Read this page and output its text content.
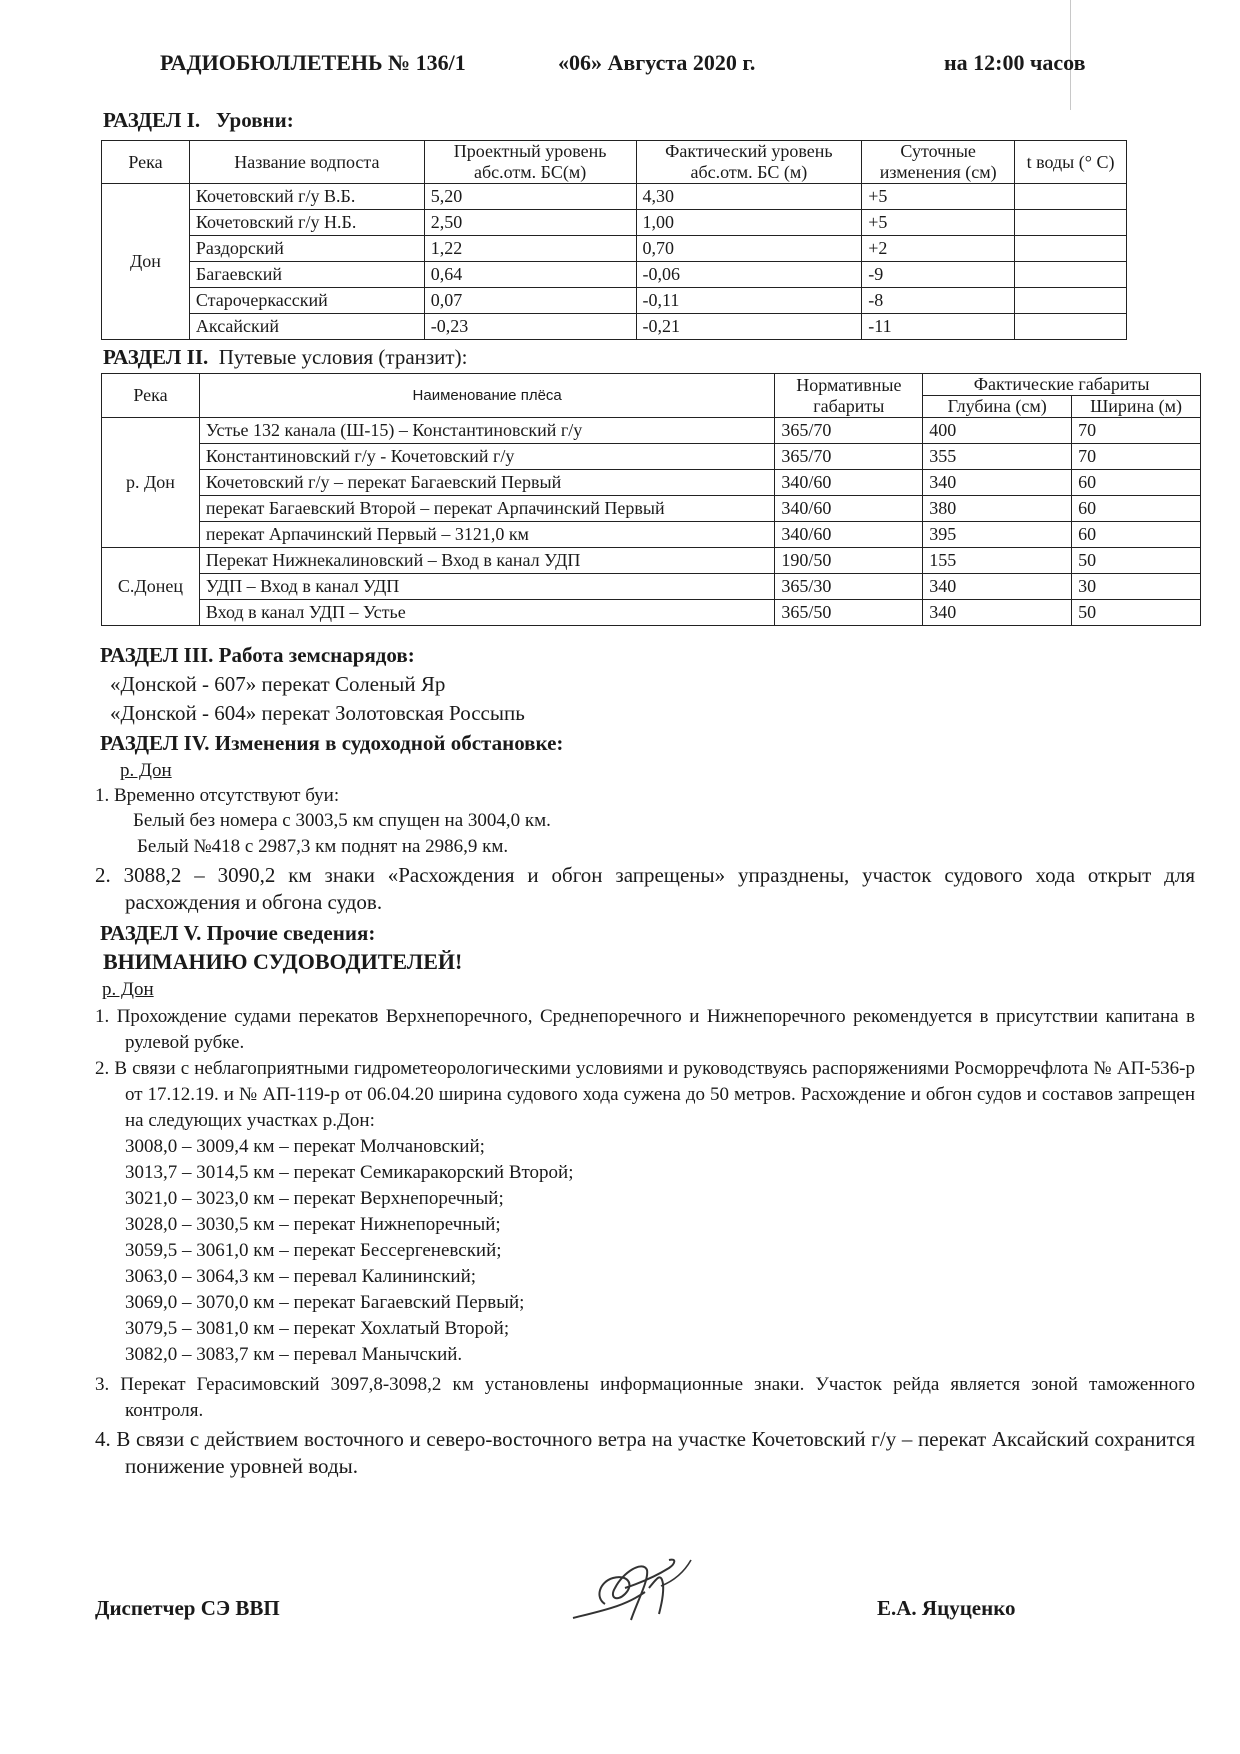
РАДИОБЮЛЛЕТЕНЬ № 136/1	«06» Августа 2020 г.	на 12:00 часов
РАЗДЕЛ I. Уровни:
Река	Название водпоста	Проектный уровень абс.отм. БС(м)	Фактический уровень абс.отм. БС (м)	Суточные изменения (см)	t воды (° С)
Дон	Кочетовский г/у В.Б.	5,20	4,30	+5	
	Кочетовский г/у Н.Б.	2,50	1,00	+5	
	Раздорский	1,22	0,70	+2	
	Багаевский	0,64	-0,06	-9	
	Старочеркасский	0,07	-0,11	-8	
	Аксайский	-0,23	-0,21	-11	
РАЗДЕЛ II. Путевые условия (транзит):
Река	Наименование плёса	Нормативные габариты	Фактические габариты	
			Глубина (см)	Ширина (м)
р. Дон	Устье 132 канала (Ш-15) – Константиновский г/у	365/70	400	70
	Константиновский г/у - Кочетовский г/у	365/70	355	70
	Кочетовский г/у – перекат Багаевский Первый	340/60	340	60
	перекат Багаевский Второй – перекат Арпачинский Первый	340/60	380	60
	перекат Арпачинский Первый – 3121,0 км	340/60	395	60
С.Донец	Перекат Нижнекалиновский – Вход в канал УДП	190/50	155	50
	УДП – Вход в канал УДП	365/30	340	30
	Вход в канал УДП – Устье	365/50	340	50
РАЗДЕЛ III. Работа земснарядов:
«Донской - 607» перекат Соленый Яр
«Донской - 604» перекат Золотовская Россыпь
РАЗДЕЛ IV. Изменения в судоходной обстановке:
р. Дон
1. Временно отсутствуют буи:
Белый без номера с 3003,5 км спущен на 3004,0 км.
Белый №418 с 2987,3 км поднят на 2986,9 км.
2. 3088,2 – 3090,2 км знаки «Расхождения и обгон запрещены» упразднены, участок судового хода открыт для расхождения и обгона судов.
РАЗДЕЛ V. Прочие сведения:
ВНИМАНИЮ СУДОВОДИТЕЛЕЙ!
р. Дон
1. Прохождение судами перекатов Верхнепоречного, Среднепоречного и Нижнепоречного рекомендуется в присутствии капитана в рулевой рубке.
2. В связи с неблагоприятными гидрометеорологическими условиями и руководствуясь распоряжениями Росморречфлота № АП-536-р от 17.12.19. и № АП-119-р от 06.04.20 ширина судового хода сужена до 50 метров. Расхождение и обгон судов и составов запрещен на следующих участках р.Дон:
3008,0 – 3009,4 км – перекат Молчановский;
3013,7 – 3014,5 км – перекат Семикаракорский Второй;
3021,0 – 3023,0 км – перекат Верхнепоречный;
3028,0 – 3030,5 км – перекат Нижнепоречный;
3059,5 – 3061,0 км – перекат Бессергеневский;
3063,0 – 3064,3 км – перевал Калининский;
3069,0 – 3070,0 км – перекат Багаевский Первый;
3079,5 – 3081,0 км – перекат Хохлатый Второй;
3082,0 – 3083,7 км – перевал Манычский.
3. Перекат Герасимовский 3097,8-3098,2 км установлены информационные знаки. Участок рейда является зоной таможенного контроля.
4. В связи с действием восточного и северо-восточного ветра на участке Кочетовский г/у – перекат Аксайский сохранится понижение уровней воды.
Диспетчер СЭ ВВП	Е.А. Яцуценко
